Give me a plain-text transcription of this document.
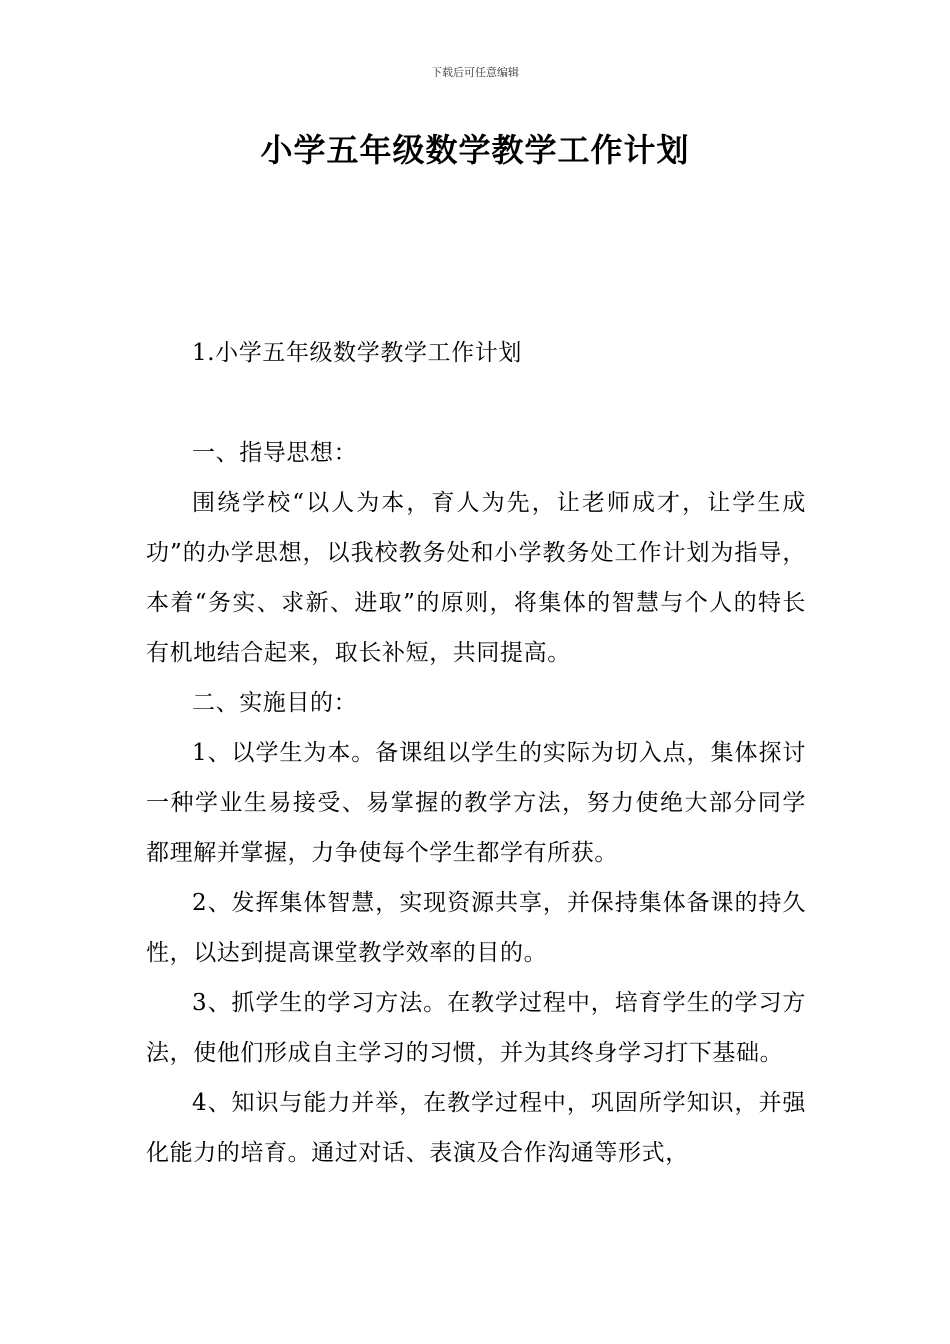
下载后可任意编辑
小学五年级数学教学工作计划

1.小学五年级数学教学工作计划

一、指导思想：

围绕学校“以人为本，育人为先，让老师成才，让学生成功”的办学思想，以我校教务处和小学教务处工作计划为指导，本着“务实、求新、进取”的原则，将集体的智慧与个人的特长有机地结合起来，取长补短，共同提高。

二、实施目的：

1、以学生为本。备课组以学生的实际为切入点，集体探讨一种学业生易接受、易掌握的教学方法，努力使绝大部分同学都理解并掌握，力争使每个学生都学有所获。

2、发挥集体智慧，实现资源共享，并保持集体备课的持久性，以达到提高课堂教学效率的目的。

3、抓学生的学习方法。在教学过程中，培育学生的学习方法，使他们形成自主学习的习惯，并为其终身学习打下基础。

4、知识与能力并举，在教学过程中，巩固所学知识，并强化能力的培育。通过对话、表演及合作沟通等形式，
